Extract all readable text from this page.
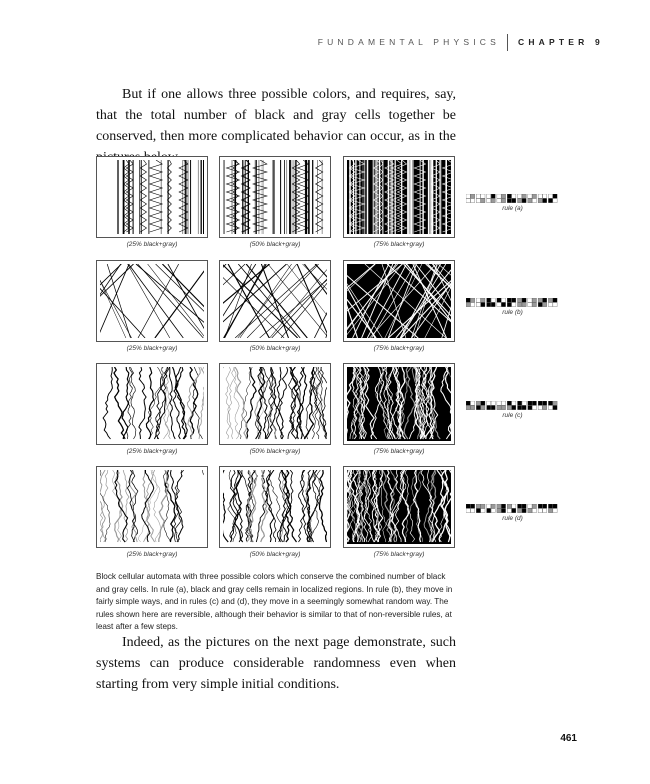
FUNDAMENTAL PHYSICS CHAPTER 9
But if one allows three possible colors, and requires, say, that the total number of black and gray cells together be conserved, then more complicated behavior can occur, as in the
(25% black+gray)	(50% black+gray)	(75% black+gray)
rule (a)
(25% black+gray)	(50% black+gray)	(75% black+gray)
rule (b)
(25% black+gray)	(50% black+gray)	(75% black+gray)
rule (c)
(25% black+gray)	(50% black+gray)	(75% black+gray)
rule (d)
Block cellular automata with three possible colors which conserve the combined number of black and gray cells. In rule (a), black and gray cells remain in localized regions. In rule (b), they move in fairly simple ways, and in rules (c) and (d), they move in a seemingly somewhat random way. The rules shown here are reversible, although their behavior is similar to that of non-reversible rules, at least after a few steps.
Indeed, as the pictures on the next page demonstrate, such systems can produce considerable randomness even when starting from very simple initial conditions.
461
